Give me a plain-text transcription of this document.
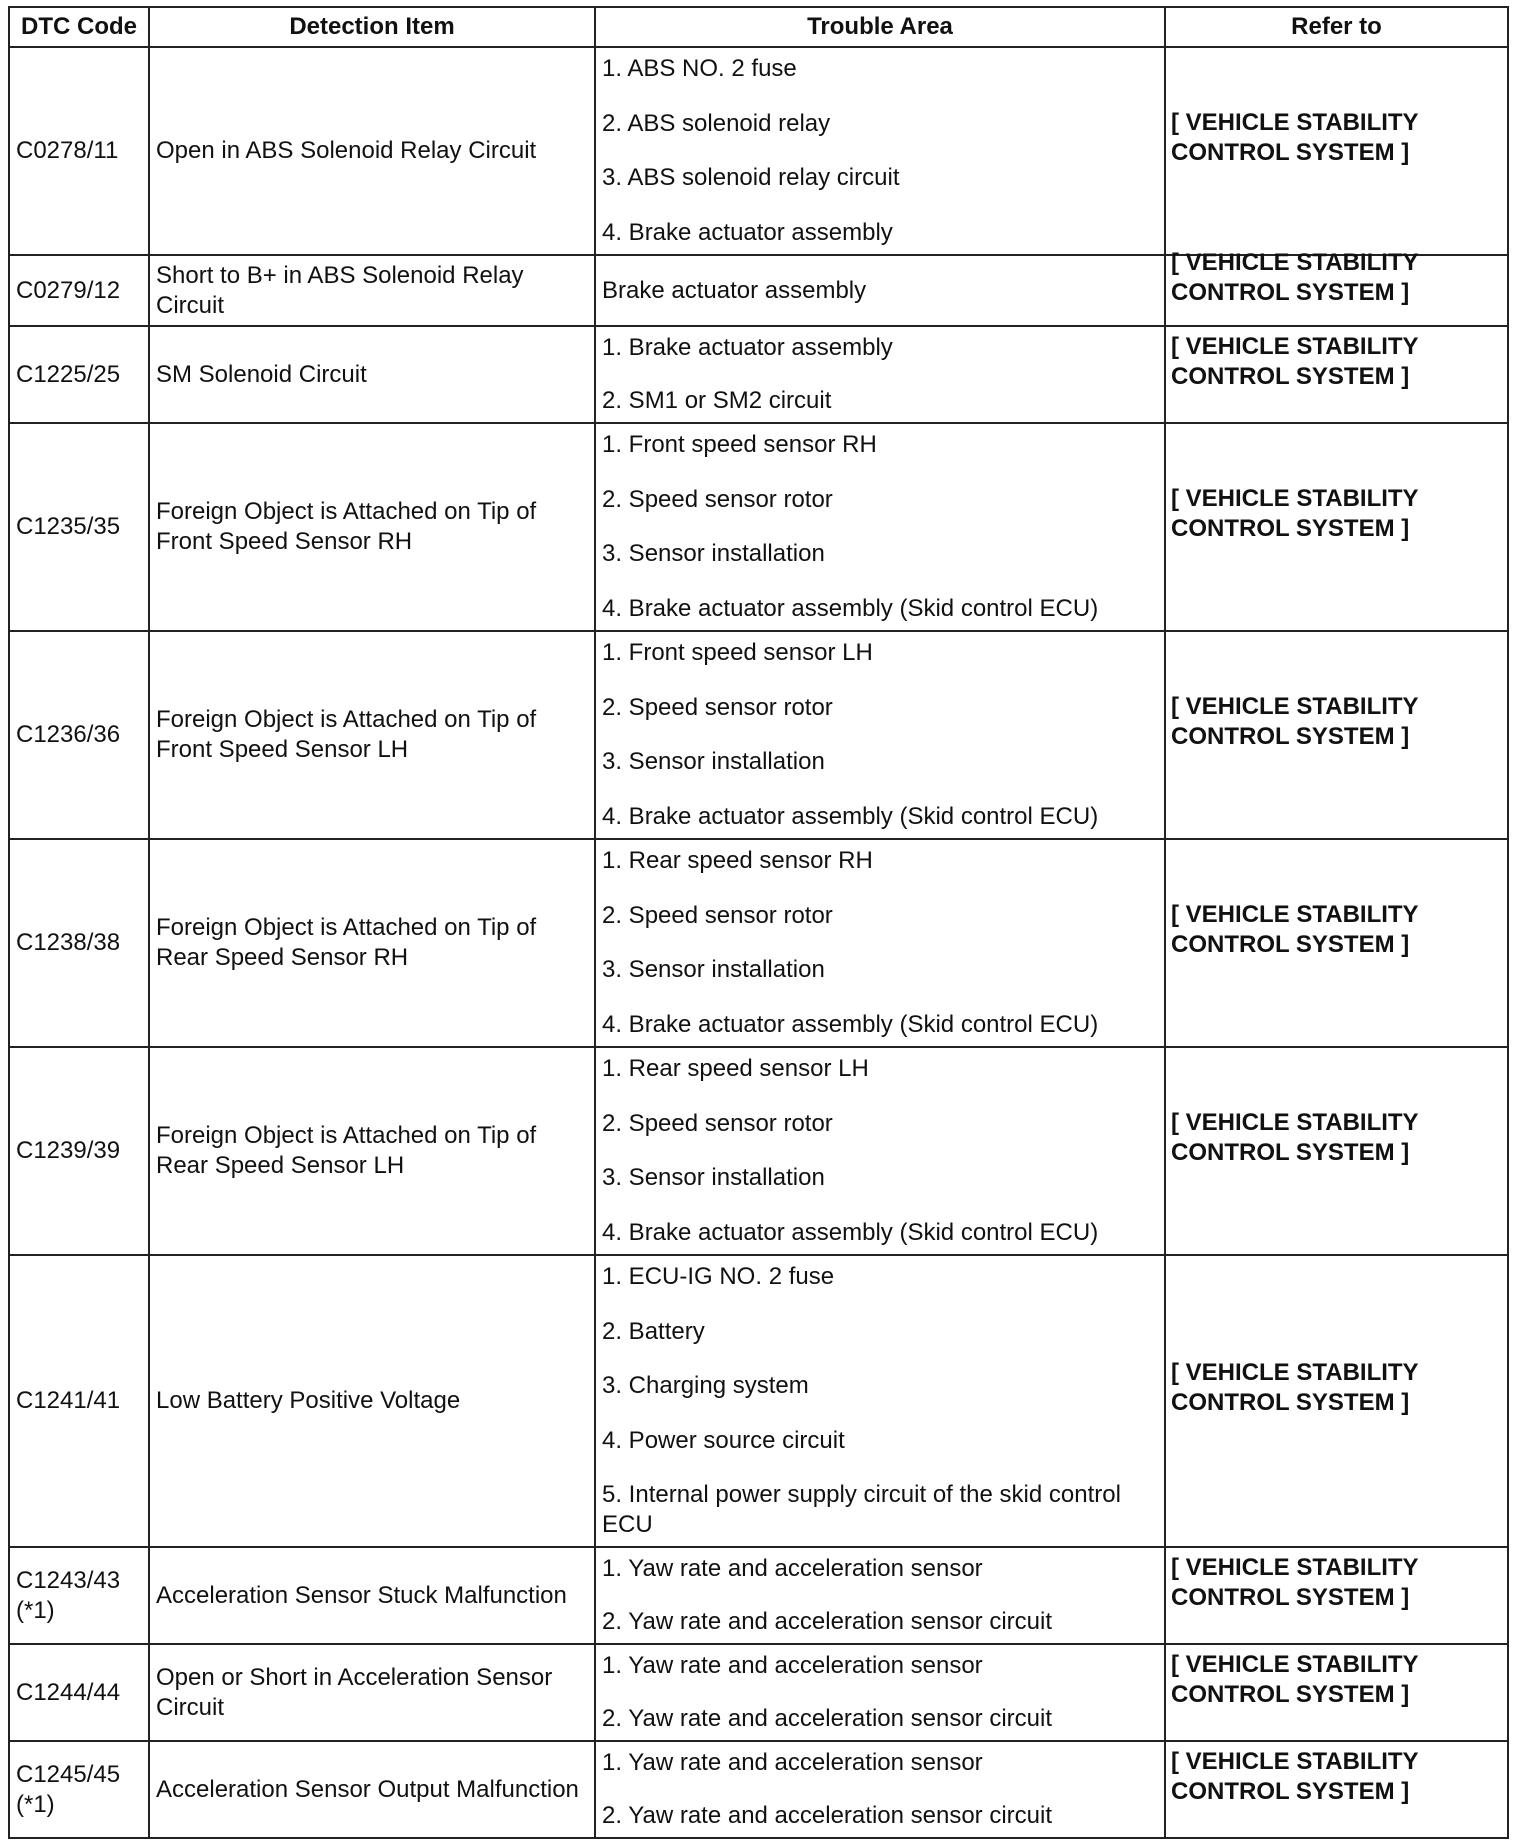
DTC Code	Detection Item	Trouble Area	Refer to
C0278/11	Open in ABS Solenoid Relay Circuit	1. ABS NO. 2 fuse
2. ABS solenoid relay
3. ABS solenoid relay circuit
4. Brake actuator assembly	[ VEHICLE STABILITY CONTROL SYSTEM ]

C0279/12	Short to B+ in ABS Solenoid Relay Circuit	Brake actuator assembly	[ VEHICLE STABILITY CONTROL SYSTEM ]

C1225/25	SM Solenoid Circuit	1. Brake actuator assembly
2. SM1 or SM2 circuit	[ VEHICLE STABILITY CONTROL SYSTEM ]

C1235/35	Foreign Object is Attached on Tip of Front Speed Sensor RH	1. Front speed sensor RH
2. Speed sensor rotor
3. Sensor installation
4. Brake actuator assembly (Skid control ECU)	[ VEHICLE STABILITY CONTROL SYSTEM ]

C1236/36	Foreign Object is Attached on Tip of Front Speed Sensor LH	1. Front speed sensor LH
2. Speed sensor rotor
3. Sensor installation
4. Brake actuator assembly (Skid control ECU)	[ VEHICLE STABILITY CONTROL SYSTEM ]

C1238/38	Foreign Object is Attached on Tip of Rear Speed Sensor RH	1. Rear speed sensor RH
2. Speed sensor rotor
3. Sensor installation
4. Brake actuator assembly (Skid control ECU)	[ VEHICLE STABILITY CONTROL SYSTEM ]

C1239/39	Foreign Object is Attached on Tip of Rear Speed Sensor LH	1. Rear speed sensor LH
2. Speed sensor rotor
3. Sensor installation
4. Brake actuator assembly (Skid control ECU)	[ VEHICLE STABILITY CONTROL SYSTEM ]

C1241/41	Low Battery Positive Voltage	1. ECU-IG NO. 2 fuse
2. Battery
3. Charging system
4. Power source circuit
5. Internal power supply circuit of the skid control ECU	[ VEHICLE STABILITY CONTROL SYSTEM ]

C1243/43 (*1)	Acceleration Sensor Stuck Malfunction	1. Yaw rate and acceleration sensor
2. Yaw rate and acceleration sensor circuit	[ VEHICLE STABILITY CONTROL SYSTEM ]

C1244/44	Open or Short in Acceleration Sensor Circuit	1. Yaw rate and acceleration sensor
2. Yaw rate and acceleration sensor circuit	[ VEHICLE STABILITY CONTROL SYSTEM ]

C1245/45 (*1)	Acceleration Sensor Output Malfunction	1. Yaw rate and acceleration sensor
2. Yaw rate and acceleration sensor circuit	[ VEHICLE STABILITY CONTROL SYSTEM ]
